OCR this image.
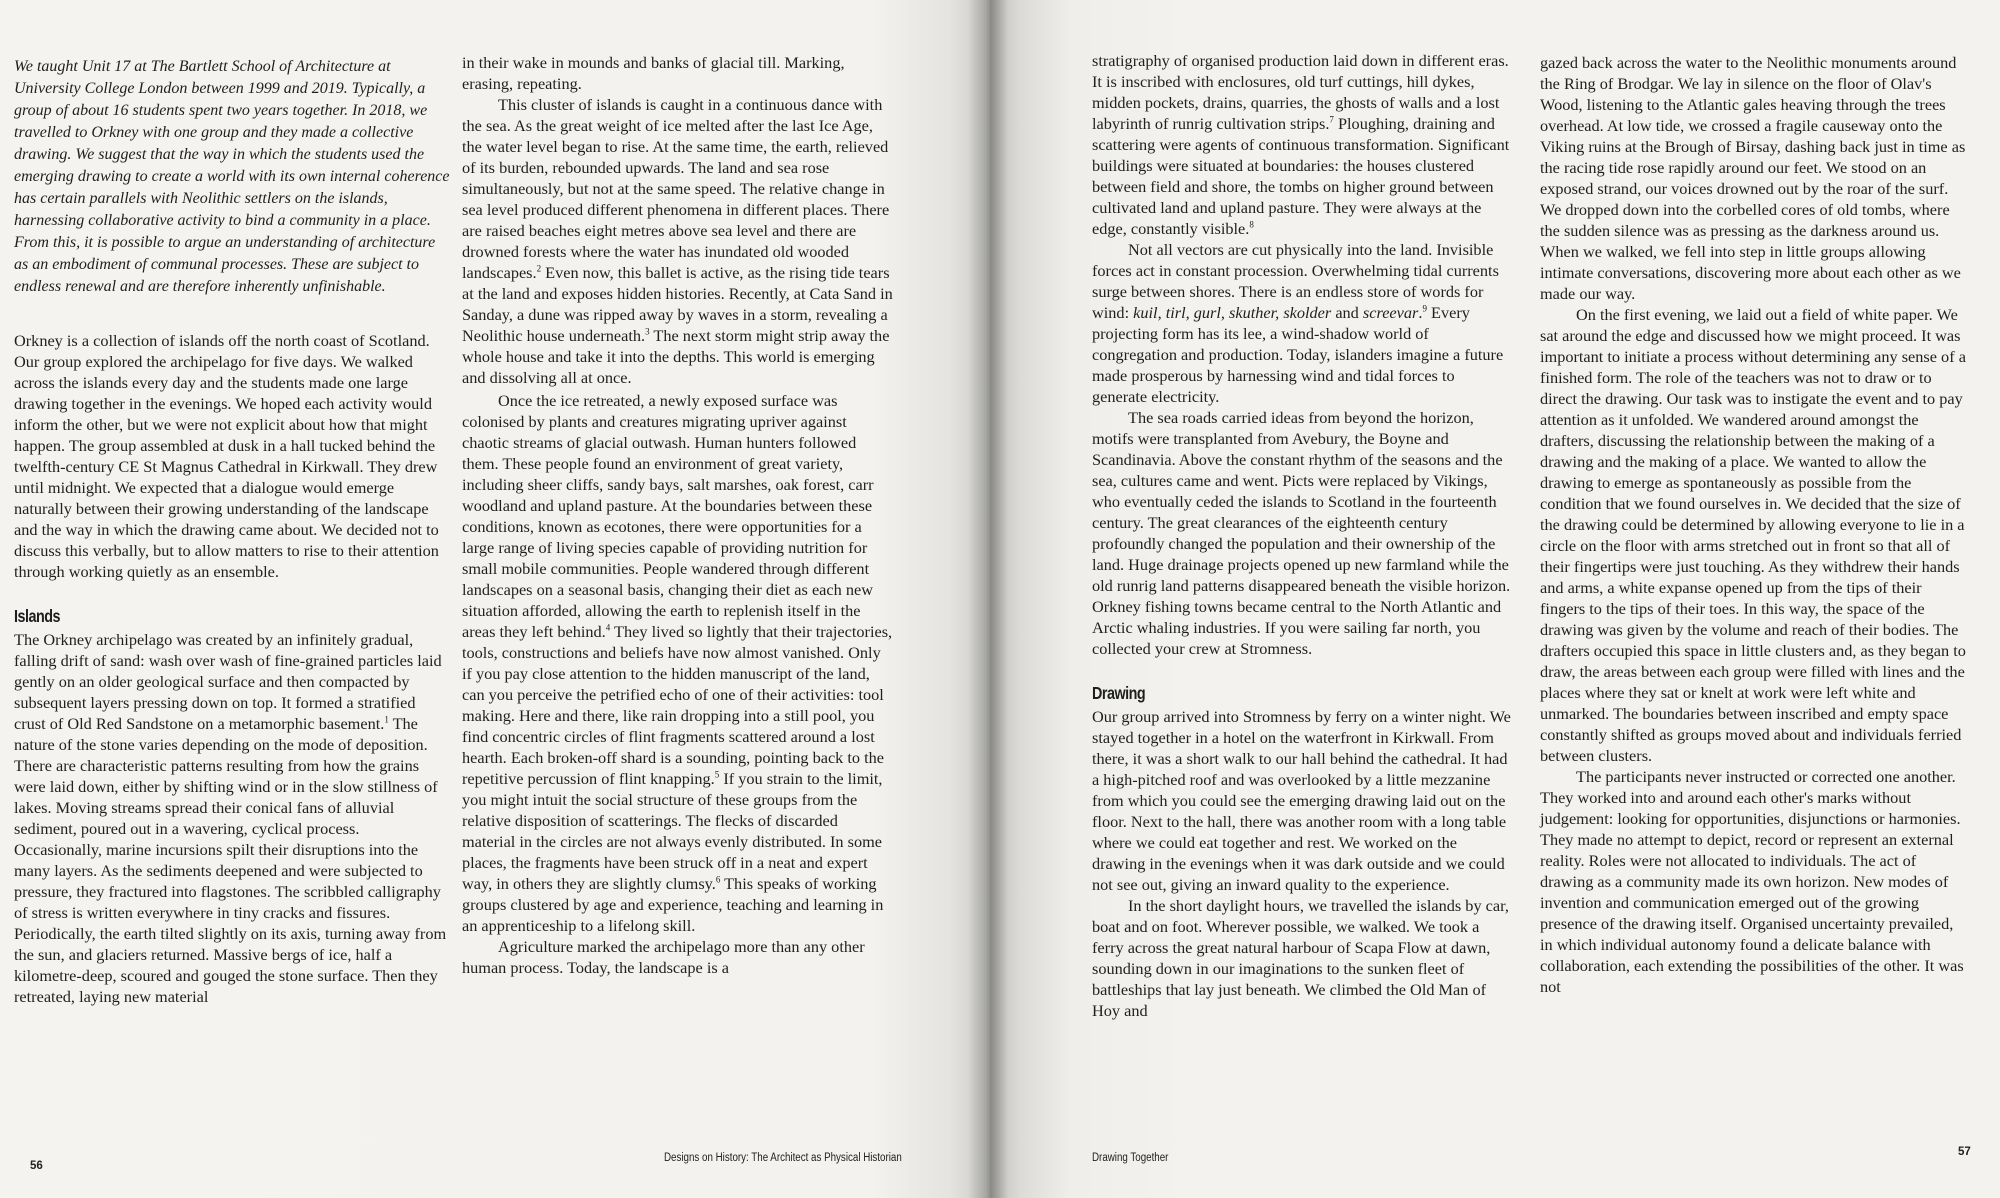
We taught Unit 17 at The Bartlett School of Architecture at University College London between 1999 and 2019. Typically, a group of about 16 students spent two years together. In 2018, we travelled to Orkney with one group and they made a collective drawing. We suggest that the way in which the students used the emerging drawing to create a world with its own internal coherence has certain parallels with Neolithic settlers on the islands, harnessing collaborative activity to bind a community in a place. From this, it is possible to argue an understanding of architecture as an embodiment of communal processes. These are subject to endless renewal and are therefore inherently unfinishable.

Orkney is a collection of islands off the north coast of Scotland. Our group explored the archipelago for five days. We walked across the islands every day and the students made one large drawing together in the evenings. We hoped each activity would inform the other, but we were not explicit about how that might happen. The group assembled at dusk in a hall tucked behind the twelfth-century CE St Magnus Cathedral in Kirkwall. They drew until midnight. We expected that a dialogue would emerge naturally between their growing understanding of the landscape and the way in which the drawing came about. We decided not to discuss this verbally, but to allow matters to rise to their attention through working quietly as an ensemble.

Islands

The Orkney archipelago was created by an infinitely gradual, falling drift of sand: wash over wash of fine-grained particles laid gently on an older geological surface and then compacted by subsequent layers pressing down on top. It formed a stratified crust of Old Red Sandstone on a metamorphic basement.$^1$ The nature of the stone varies depending on the mode of deposition. There are characteristic patterns resulting from how the grains were laid down, either by shifting wind or in the slow stillness of lakes. Moving streams spread their conical fans of alluvial sediment, poured out in a wavering, cyclical process. Occasionally, marine incursions spilt their disruptions into the many layers. As the sediments deepened and were subjected to pressure, they fractured into flagstones. The scribbled calligraphy of stress is written everywhere in tiny cracks and fissures. Periodically, the earth tilted slightly on its axis, turning away from the sun, and glaciers returned. Massive bergs of ice, half a kilometre-deep, scoured and gouged the stone surface. Then they retreated, laying new material

in their wake in mounds and banks of glacial till. Marking, erasing, repeating.

This cluster of islands is caught in a continuous dance with the sea. As the great weight of ice melted after the last Ice Age, the water level began to rise. At the same time, the earth, relieved of its burden, rebounded upwards. The land and sea rose simultaneously, but not at the same speed. The relative change in sea level produced different phenomena in different places. There are raised beaches eight metres above sea level and there are drowned forests where the water has inundated old wooded landscapes.$^2$ Even now, this ballet is active, as the rising tide tears at the land and exposes hidden histories. Recently, at Cata Sand in Sanday, a dune was ripped away by waves in a storm, revealing a Neolithic house underneath.$^3$ The next storm might strip away the whole house and take it into the depths. This world is emerging and dissolving all at once.

Once the ice retreated, a newly exposed surface was colonised by plants and creatures migrating upriver against chaotic streams of glacial outwash. Human hunters followed them. These people found an environment of great variety, including sheer cliffs, sandy bays, salt marshes, oak forest, carr woodland and upland pasture. At the boundaries between these conditions, known as ecotones, there were opportunities for a large range of living species capable of providing nutrition for small mobile communities. People wandered through different landscapes on a seasonal basis, changing their diet as each new situation afforded, allowing the earth to replenish itself in the areas they left behind.$^4$ They lived so lightly that their trajectories, tools, constructions and beliefs have now almost vanished. Only if you pay close attention to the hidden manuscript of the land, can you perceive the petrified echo of one of their activities: tool making. Here and there, like rain dropping into a still pool, you find concentric circles of flint fragments scattered around a lost hearth. Each broken-off shard is a sounding, pointing back to the repetitive percussion of flint knapping.$^5$ If you strain to the limit, you might intuit the social structure of these groups from the relative disposition of scatterings. The flecks of discarded material in the circles are not always evenly distributed. In some places, the fragments have been struck off in a neat and expert way, in others they are slightly clumsy.$^6$ This speaks of working groups clustered by age and experience, teaching and learning in an apprenticeship to a lifelong skill.

Agriculture marked the archipelago more than any other human process. Today, the landscape is a

56
Designs on History: The Architect as Physical Historian

stratigraphy of organised production laid down in different eras. It is inscribed with enclosures, old turf cuttings, hill dykes, midden pockets, drains, quarries, the ghosts of walls and a lost labyrinth of runrig cultivation strips.$^7$ Ploughing, draining and scattering were agents of continuous transformation. Significant buildings were situated at boundaries: the houses clustered between field and shore, the tombs on higher ground between cultivated land and upland pasture. They were always at the edge, constantly visible.$^8$

Not all vectors are cut physically into the land. Invisible forces act in constant procession. Overwhelming tidal currents surge between shores. There is an endless store of words for wind: kuil, tirl, gurl, skuther, skolder and screevar.$^9$ Every projecting form has its lee, a wind-shadow world of congregation and production. Today, islanders imagine a future made prosperous by harnessing wind and tidal forces to generate electricity.

The sea roads carried ideas from beyond the horizon, motifs were transplanted from Avebury, the Boyne and Scandinavia. Above the constant rhythm of the seasons and the sea, cultures came and went. Picts were replaced by Vikings, who eventually ceded the islands to Scotland in the fourteenth century. The great clearances of the eighteenth century profoundly changed the population and their ownership of the land. Huge drainage projects opened up new farmland while the old runrig land patterns disappeared beneath the visible horizon. Orkney fishing towns became central to the North Atlantic and Arctic whaling industries. If you were sailing far north, you collected your crew at Stromness.

Drawing

Our group arrived into Stromness by ferry on a winter night. We stayed together in a hotel on the waterfront in Kirkwall. From there, it was a short walk to our hall behind the cathedral. It had a high-pitched roof and was overlooked by a little mezzanine from which you could see the emerging drawing laid out on the floor. Next to the hall, there was another room with a long table where we could eat together and rest. We worked on the drawing in the evenings when it was dark outside and we could not see out, giving an inward quality to the experience.

In the short daylight hours, we travelled the islands by car, boat and on foot. Wherever possible, we walked. We took a ferry across the great natural harbour of Scapa Flow at dawn, sounding down in our imaginations to the sunken fleet of battleships that lay just beneath. We climbed the Old Man of Hoy and

gazed back across the water to the Neolithic monuments around the Ring of Brodgar. We lay in silence on the floor of Olav's Wood, listening to the Atlantic gales heaving through the trees overhead. At low tide, we crossed a fragile causeway onto the Viking ruins at the Brough of Birsay, dashing back just in time as the racing tide rose rapidly around our feet. We stood on an exposed strand, our voices drowned out by the roar of the surf. We dropped down into the corbelled cores of old tombs, where the sudden silence was as pressing as the darkness around us. When we walked, we fell into step in little groups allowing intimate conversations, discovering more about each other as we made our way.

On the first evening, we laid out a field of white paper. We sat around the edge and discussed how we might proceed. It was important to initiate a process without determining any sense of a finished form. The role of the teachers was not to draw or to direct the drawing. Our task was to instigate the event and to pay attention as it unfolded. We wandered around amongst the drafters, discussing the relationship between the making of a drawing and the making of a place. We wanted to allow the drawing to emerge as spontaneously as possible from the condition that we found ourselves in. We decided that the size of the drawing could be determined by allowing everyone to lie in a circle on the floor with arms stretched out in front so that all of their fingertips were just touching. As they withdrew their hands and arms, a white expanse opened up from the tips of their fingers to the tips of their toes. In this way, the space of the drawing was given by the volume and reach of their bodies. The drafters occupied this space in little clusters and, as they began to draw, the areas between each group were filled with lines and the places where they sat or knelt at work were left white and unmarked. The boundaries between inscribed and empty space constantly shifted as groups moved about and individuals ferried between clusters.

The participants never instructed or corrected one another. They worked into and around each other's marks without judgement: looking for opportunities, disjunctions or harmonies. They made no attempt to depict, record or represent an external reality. Roles were not allocated to individuals. The act of drawing as a community made its own horizon. New modes of invention and communication emerged out of the growing presence of the drawing itself. Organised uncertainty prevailed, in which individual autonomy found a delicate balance with collaboration, each extending the possibilities of the other. It was not

Drawing Together	57
